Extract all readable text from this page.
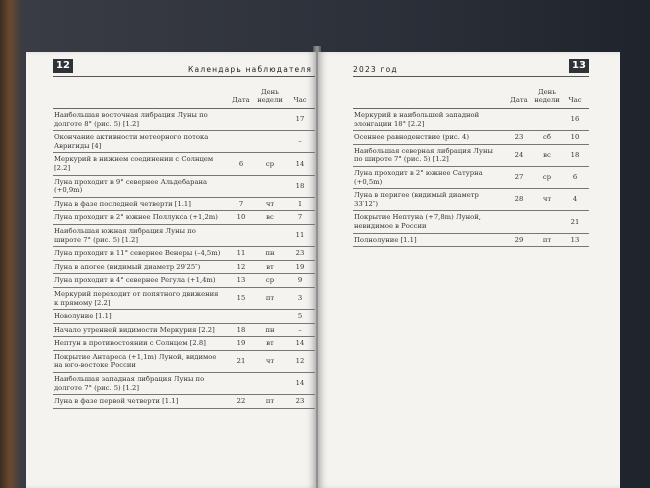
12	Календарь наблюдателя
	Дата	День недели	Час
Наибольшая восточная либрация Луны по долготе 8° (рис. 5) [1.2]			17
Окончание активности метеорного потока Авригиды [4]			–
Меркурий в нижнем соединении с Солнцем [2.2]	6	ср	14
Луна проходит в 9° севернее Альдебарана (+0,9m)			18
Луна в фазе последней четверти [1.1]	7	чт	1
Луна проходит в 2° южнее Поллукса (+1,2m)	10	вс	7
Наибольшая южная либрация Луны по широте 7° (рис. 5) [1.2]			11
Луна проходит в 11° севернее Венеры (–4,5m)	11	пн	23
Луна в апогее (видимый диаметр 29′25″)	12	вт	19
Луна проходит в 4° севернее Регула (+1,4m)	13	ср	9
Меркурий переходит от попятного движения к прямому [2.2]	15	пт	3
Новолуние [1.1]			5
Начало утренней видимости Меркурия [2.2]	18	пн	–
Нептун в противостоянии с Солнцем [2.8]	19	вт	14
Покрытие Антареса (+1,1m) Луной, видимое на юго-востоке России	21	чт	12
Наибольшая западная либрация Луны по долготе 7° (рис. 5) [1.2]			14
Луна в фазе первой четверти [1.1]	22	пт	23
2023 год	13
	Дата	День недели	Час
Меркурий в наибольшей западной элонгации 18° [2.2]			16
Осеннее равноденствие (рис. 4)	23	сб	10
Наибольшая северная либрация Луны по широте 7° (рис. 5) [1.2]	24	вс	18
Луна проходит в 2° южнее Сатурна (+0,5m)	27	ср	6
Луна в перигее (видимый диаметр 33′12″)	28	чт	4
Покрытие Нептуна (+7,8m) Луной, невидимое в России			21
Полнолуние [1.1]	29	пт	13
